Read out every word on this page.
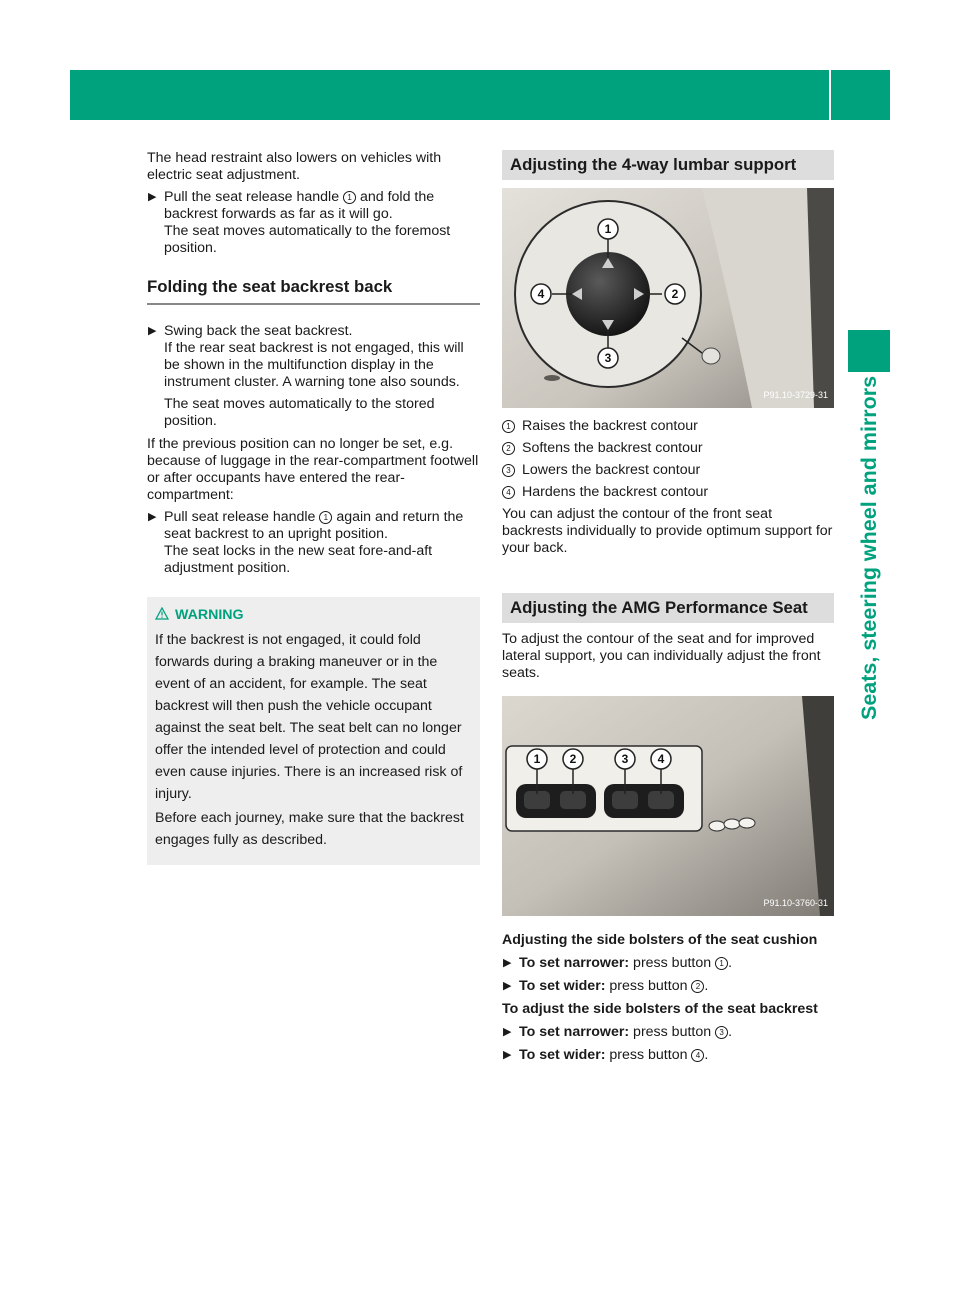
Seats
99
Seats, steering wheel and mirrors

The head restraint also lowers on vehicles with electric seat adjustment.

▶ Pull the seat release handle 1 and fold the backrest forwards as far as it will go.
The seat moves automatically to the foremost position.
Folding the seat backrest back
▶ Swing back the seat backrest.
If the rear seat backrest is not engaged, this will be shown in the multifunction display in the instrument cluster. A warning tone also sounds.
The seat moves automatically to the stored position.

If the previous position can no longer be set, e.g. because of luggage in the rear-compartment footwell or after occupants have entered the rear-compartment:

▶ Pull seat release handle 1 again and return the seat backrest to an upright position.
The seat locks in the new seat fore-and-aft adjustment position.
WARNING

If the backrest is not engaged, it could fold forwards during a braking maneuver or in the event of an accident, for example. The seat backrest will then push the vehicle occupant against the seat belt. The seat belt can no longer offer the intended level of protection and could even cause injuries. There is an increased risk of injury.

Before each journey, make sure that the backrest engages fully as described.

Adjusting the 4-way lumbar support
1
2
3
4
P91.10-3729-31
1 Raises the backrest contour
2 Softens the backrest contour
3 Lowers the backrest contour
4 Hardens the backrest contour

You can adjust the contour of the front seat backrests individually to provide optimum support for your back.

Adjusting the AMG Performance Seat

To adjust the contour of the seat and for improved lateral support, you can individually adjust the front seats.

1 2	3 4
P91.10-3760-31
Adjusting the side bolsters of the seat cushion
▶ To set narrower: press button 1 .
▶ To set wider: press button 2 .
To adjust the side bolsters of the seat backrest
▶ To set narrower: press button 3 .
▶ To set wider: press button 4 .
